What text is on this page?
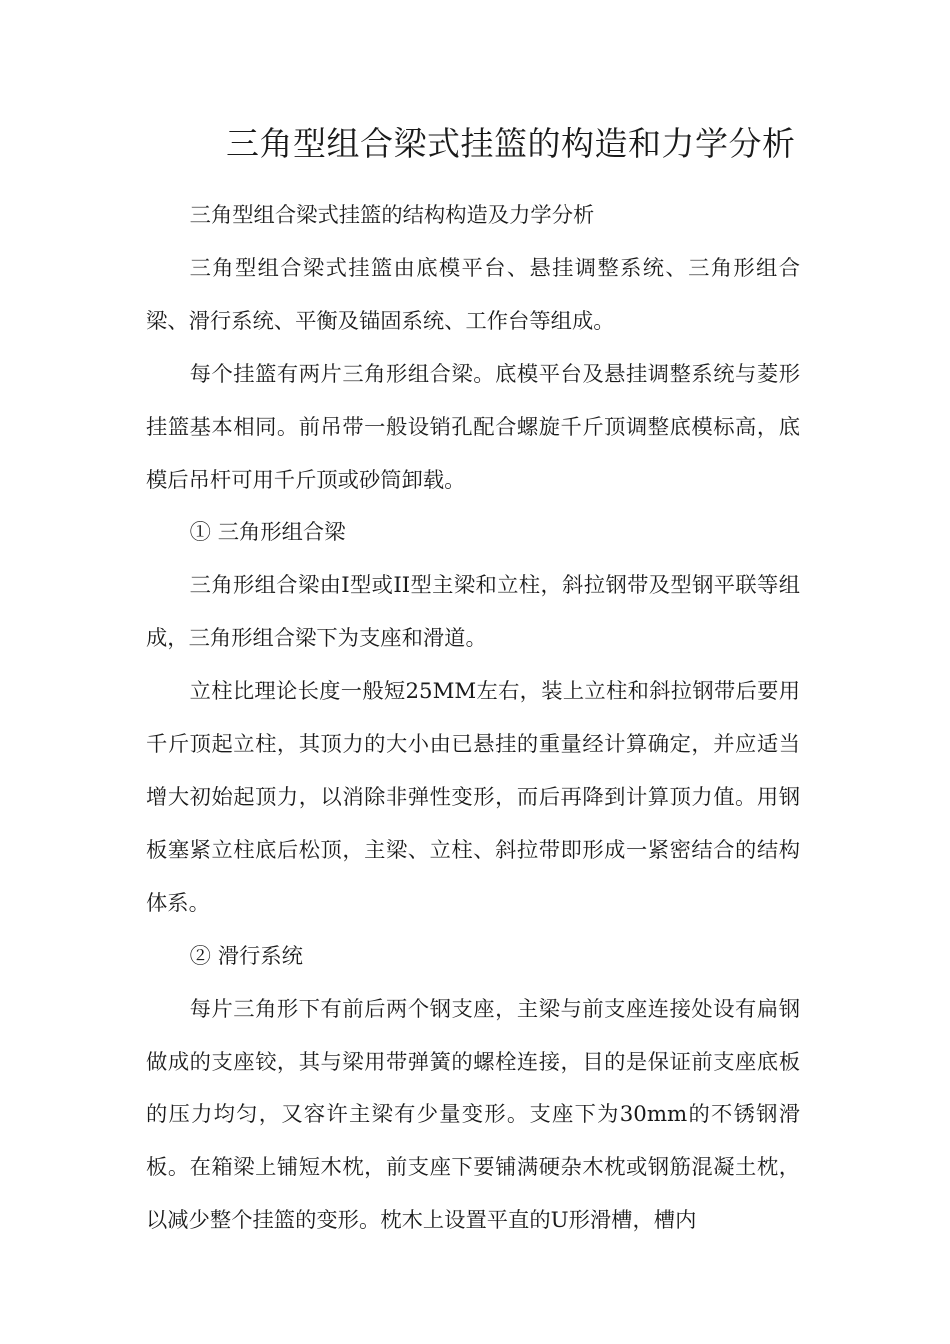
三角型组合梁式挂篮的构造和力学分析

三角型组合梁式挂篮的结构构造及力学分析

三角型组合梁式挂篮由底模平台、悬挂调整系统、三角形组合梁、滑行系统、平衡及锚固系统、工作台等组成。

每个挂篮有两片三角形组合梁。底模平台及悬挂调整系统与菱形挂篮基本相同。前吊带一般设销孔配合螺旋千斤顶调整底模标高，底模后吊杆可用千斤顶或砂筒卸载。

① 三角形组合梁

三角形组合梁由I型或II型主梁和立柱，斜拉钢带及型钢平联等组成，三角形组合梁下为支座和滑道。

立柱比理论长度一般短25MM左右，装上立柱和斜拉钢带后要用千斤顶起立柱，其顶力的大小由已悬挂的重量经计算确定，并应适当增大初始起顶力，以消除非弹性变形，而后再降到计算顶力值。用钢板塞紧立柱底后松顶，主梁、立柱、斜拉带即形成一紧密结合的结构体系。

② 滑行系统

每片三角形下有前后两个钢支座，主梁与前支座连接处设有扁钢做成的支座铰，其与梁用带弹簧的螺栓连接，目的是保证前支座底板的压力均匀，又容许主梁有少量变形。支座下为30mm的不锈钢滑板。在箱梁上铺短木枕，前支座下要铺满硬杂木枕或钢筋混凝土枕，以减少整个挂篮的变形。枕木上设置平直的U形滑槽，槽内
